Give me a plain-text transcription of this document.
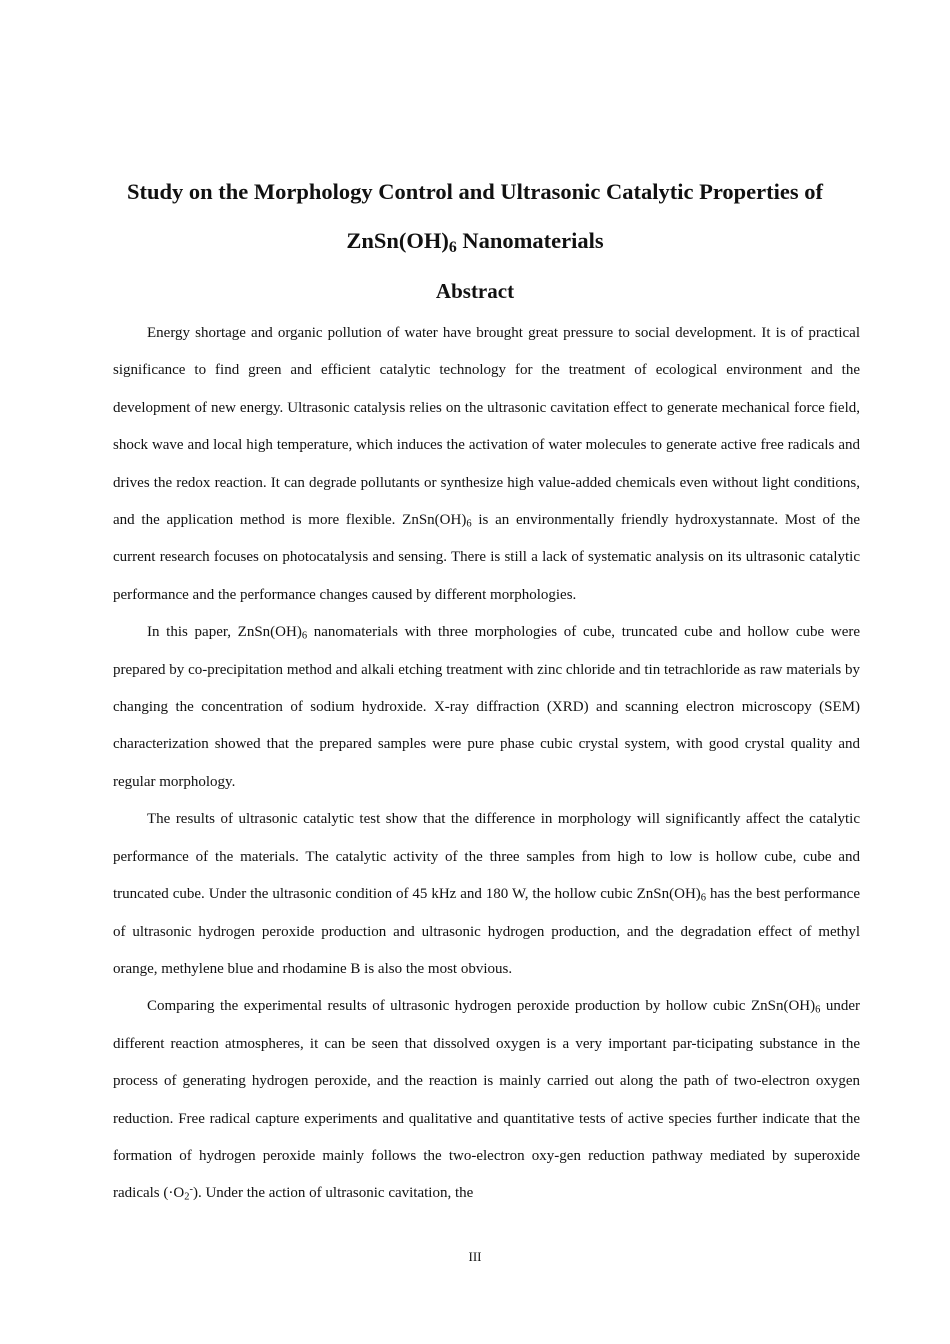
Study on the Morphology Control and Ultrasonic Catalytic Properties of
$ZnSn(OH)_6$ Nanomaterials
Abstract

Energy shortage and organic pollution of water have brought great pressure to social development. It is of practical significance to find green and efficient catalytic technology for the treatment of ecological environment and the development of new energy. Ultrasonic catalysis relies on the ultrasonic cavitation effect to generate mechanical force field, shock wave and local high temperature, which induces the activation of water molecules to generate active free radicals and drives the redox reaction. It can degrade pollutants or synthesize high value-added chemicals even without light conditions, and the application method is more flexible. $ZnSn(OH)_6$ is an environmentally friendly hydroxystannate. Most of the current research focuses on photocatalysis and sensing. There is still a lack of systematic analysis on its ultrasonic catalytic performance and the performance changes caused by different morphologies.

In this paper, $ZnSn(OH)_6$ nanomaterials with three morphologies of cube, truncated cube and hollow cube were prepared by co-precipitation method and alkali etching treatment with zinc chloride and tin tetrachloride as raw materials by changing the concentration of sodium hydroxide. X-ray diffraction (XRD) and scanning electron microscopy (SEM) characterization showed that the prepared samples were pure phase cubic crystal system, with good crystal quality and regular morphology.

The results of ultrasonic catalytic test show that the difference in morphology will significantly affect the catalytic performance of the materials. The catalytic activity of the three samples from high to low is hollow cube, cube and truncated cube. Under the ultrasonic condition of 45 kHz and 180 W, the hollow cubic $ZnSn(OH)_6$ has the best performance of ultrasonic hydrogen peroxide production and ultrasonic hydrogen production, and the degradation effect of methyl orange, methylene blue and rhodamine B is also the most obvious.

Comparing the experimental results of ultrasonic hydrogen peroxide production by hollow cubic $ZnSn(OH)_6$ under different reaction atmospheres, it can be seen that dissolved oxygen is a very important par-ticipating substance in the process of generating hydrogen peroxide, and the reaction is mainly carried out along the path of two-electron oxygen reduction. Free radical capture experiments and qualitative and quantitative tests of active species further indicate that the formation of hydrogen peroxide mainly follows the two-electron oxy-gen reduction pathway mediated by superoxide radicals $(\cdot O_2^-)$. Under the action of ultrasonic cavitation, the

III
